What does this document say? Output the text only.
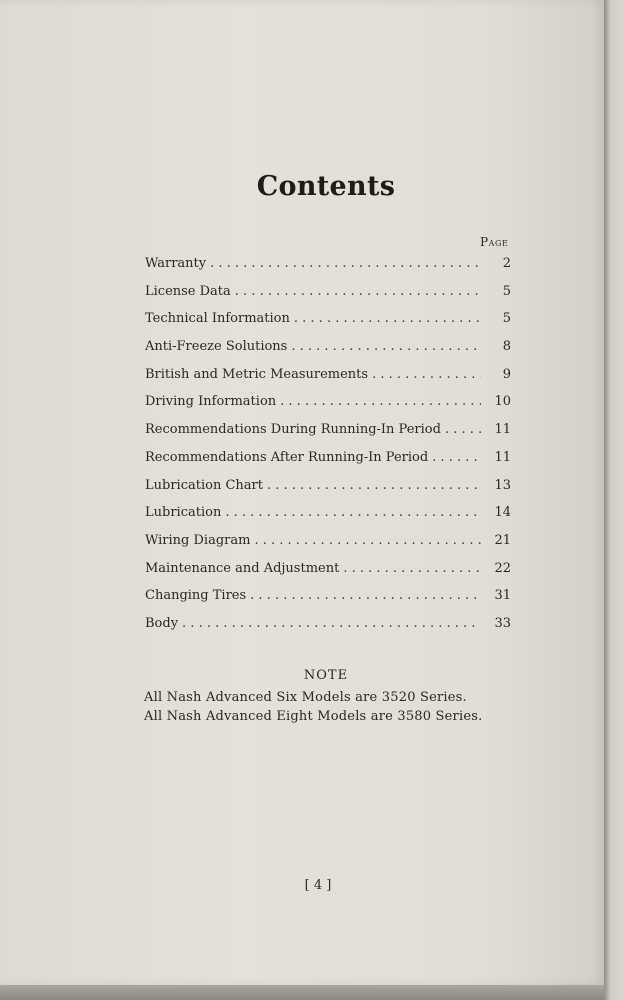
Contents
Page
Warranty . . .	2
License Data . . .	5
Technical Information . . .	5
Anti-Freeze Solutions . . .	8
British and Metric Measurements . . .	9
Driving Information . . .	10
Recommendations During Running-In Period . . .	11
Recommendations After Running-In Period . . .	11
Lubrication Chart . . .	13
Lubrication . . .	14
Wiring Diagram . . .	21
Maintenance and Adjustment . . .	22
Changing Tires . . .	31
Body . . .	33
NOTE
All Nash Advanced Six Models are 3520 Series.
All Nash Advanced Eight Models are 3580 Series.
[ 4 ]
